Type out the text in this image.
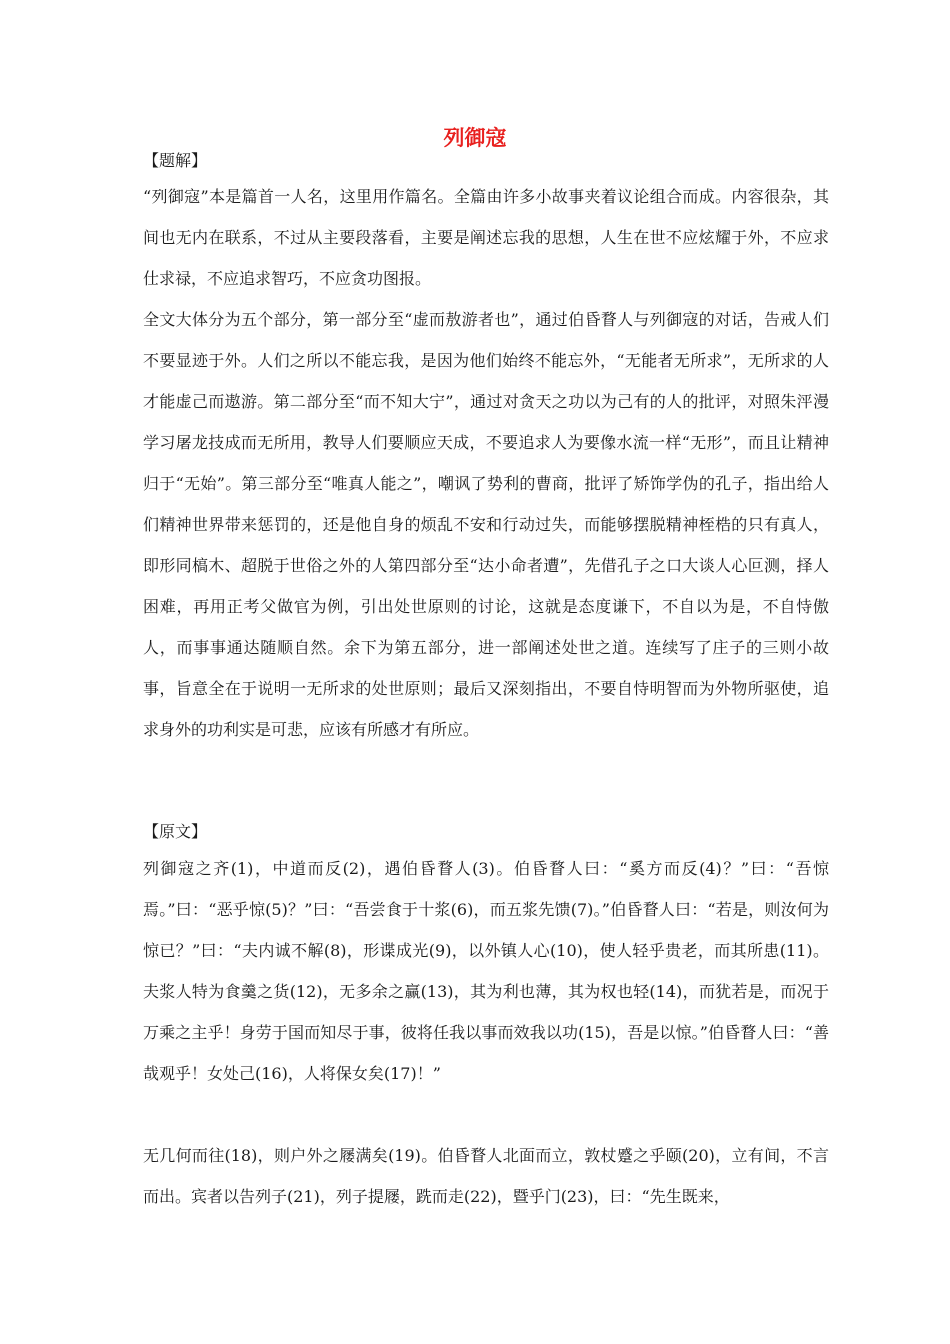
列御寇
【题解】

“列御寇”本是篇首一人名，这里用作篇名。全篇由许多小故事夹着议论组合而成。内容很杂，其间也无内在联系，不过从主要段落看，主要是阐述忘我的思想，人生在世不应炫耀于外，不应求仕求禄，不应追求智巧，不应贪功图报。

全文大体分为五个部分，第一部分至“虚而敖游者也”，通过伯昏瞀人与列御寇的对话，告戒人们不要显迹于外。人们之所以不能忘我，是因为他们始终不能忘外，“无能者无所求”，无所求的人才能虚己而遨游。第二部分至“而不知大宁”，通过对贪天之功以为己有的人的批评，对照朱泙漫学习屠龙技成而无所用，教导人们要顺应天成，不要追求人为要像水流一样“无形”，而且让精神归于“无始”。第三部分至“唯真人能之”，嘲讽了势利的曹商，批评了矫饰学伪的孔子，指出给人们精神世界带来惩罚的，还是他自身的烦乱不安和行动过失，而能够摆脱精神桎梏的只有真人，即形同槁木、超脱于世俗之外的人第四部分至“达小命者遭”，先借孔子之口大谈人心叵测，择人困难，再用正考父做官为例，引出处世原则的讨论，这就是态度谦下，不自以为是，不自恃傲人，而事事通达随顺自然。余下为第五部分，进一部阐述处世之道。连续写了庄子的三则小故事，旨意全在于说明一无所求的处世原则；最后又深刻指出，不要自恃明智而为外物所驱使，追求身外的功利实是可悲，应该有所感才有所应。

【原文】

列御寇之齐(1)，中道而反(2)，遇伯昏瞀人(3)。伯昏瞀人曰：“奚方而反(4)？”曰：“吾惊焉。”曰：“恶乎惊(5)？”曰：“吾尝食于十浆(6)，而五浆先馈(7)。”伯昏瞀人曰：“若是，则汝何为惊已？”曰：“夫内诚不解(8)，形谍成光(9)，以外镇人心(10)，使人轻乎贵老，而其所患(11)。夫浆人特为食羹之货(12)，无多余之赢(13)，其为利也薄，其为权也轻(14)，而犹若是，而况于万乘之主乎！身劳于国而知尽于事，彼将任我以事而效我以功(15)，吾是以惊。”伯昏瞀人曰：“善哉观乎！女处己(16)，人将保女矣(17)！”

无几何而往(18)，则户外之屦满矣(19)。伯昏瞀人北面而立，敦杖蹙之乎颐(20)，立有间，不言而出。宾者以告列子(21)，列子提屦，跣而走(22)，暨乎门(23)，曰：“先生既来，
